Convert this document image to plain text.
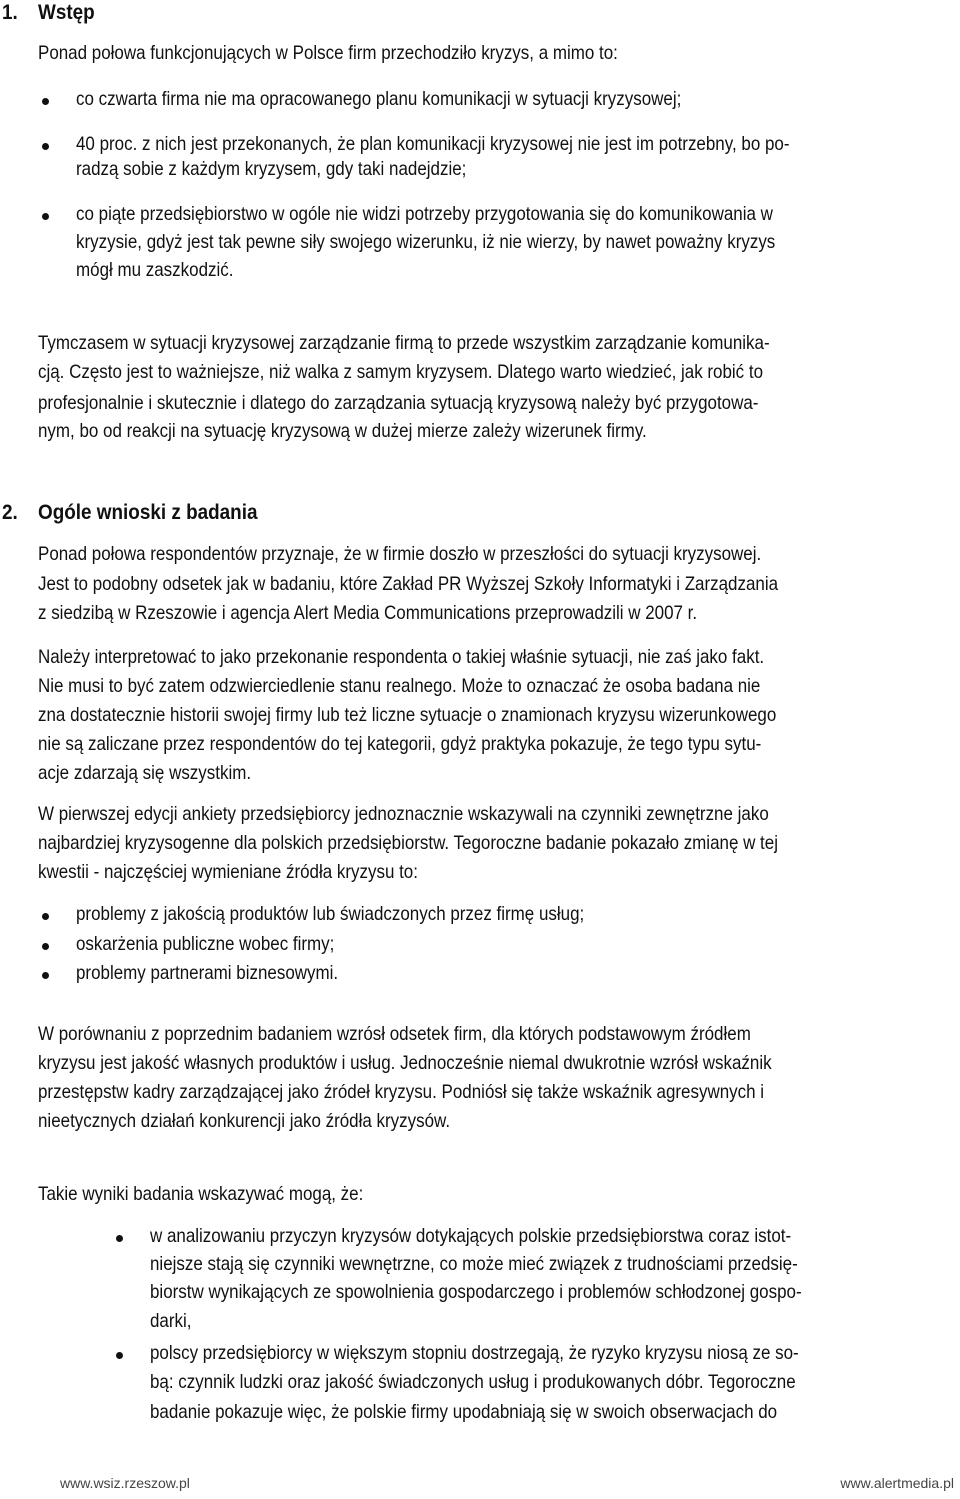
1. Wstęp
Ponad połowa funkcjonujących w Polsce firm przechodziło kryzys, a mimo to:
co czwarta firma nie ma opracowanego planu komunikacji w sytuacji kryzysowej;
40 proc. z nich jest przekonanych, że plan komunikacji kryzysowej nie jest im potrzebny, bo po-
radzą sobie z każdym kryzysem, gdy taki nadejdzie;
co piąte przedsiębiorstwo w ogóle nie widzi potrzeby przygotowania się do komunikowania w
kryzysie, gdyż jest tak pewne siły swojego wizerunku, iż nie wierzy, by nawet poważny kryzys
mógł mu zaszkodzić.
Tymczasem w sytuacji kryzysowej zarządzanie firmą to przede wszystkim zarządzanie komunika-
cją. Często jest to ważniejsze, niż walka z samym kryzysem. Dlatego warto wiedzieć, jak robić to
profesjonalnie i skutecznie i dlatego do zarządzania sytuacją kryzysową należy być przygotowa-
nym, bo od reakcji na sytuację kryzysową w dużej mierze zależy wizerunek firmy.
2. Ogóle wnioski z badania
Ponad połowa respondentów przyznaje, że w firmie doszło w przeszłości do sytuacji kryzysowej.
Jest to podobny odsetek jak w badaniu, które Zakład PR Wyższej Szkoły Informatyki i Zarządzania
z siedzibą w Rzeszowie i agencja Alert Media Communications przeprowadzili w 2007 r.
Należy interpretować to jako przekonanie respondenta o takiej właśnie sytuacji, nie zaś jako fakt.
Nie musi to być zatem odzwierciedlenie stanu realnego. Może to oznaczać że osoba badana nie
zna dostatecznie historii swojej firmy lub też liczne sytuacje o znamionach kryzysu wizerunkowego
nie są zaliczane przez respondentów do tej kategorii, gdyż praktyka pokazuje, że tego typu sytu-
acje zdarzają się wszystkim.
W pierwszej edycji ankiety przedsiębiorcy jednoznacznie wskazywali na czynniki zewnętrzne jako
najbardziej kryzysogenne dla polskich przedsiębiorstw. Tegoroczne badanie pokazało zmianę w tej
kwestii - najczęściej wymieniane źródła kryzysu to:
problemy z jakością produktów lub świadczonych przez firmę usług;
oskarżenia publiczne wobec firmy;
problemy partnerami biznesowymi.
W porównaniu z poprzednim badaniem wzrósł odsetek firm, dla których podstawowym źródłem
kryzysu jest jakość własnych produktów i usług. Jednocześnie niemal dwukrotnie wzrósł wskaźnik
przestępstw kadry zarządzającej jako źródeł kryzysu. Podniósł się także wskaźnik agresywnych i
nieetycznych działań konkurencji jako źródła kryzysów.
Takie wyniki badania wskazywać mogą, że:
w analizowaniu przyczyn kryzysów dotykających polskie przedsiębiorstwa coraz istot-
niejsze stają się czynniki wewnętrzne, co może mieć związek z trudnościami przedsię-
biorstw wynikających ze spowolnienia gospodarczego i problemów schłodzonej gospo-
darki,
polscy przedsiębiorcy w większym stopniu dostrzegają, że ryzyko kryzysu niosą ze so-
bą: czynnik ludzki oraz jakość świadczonych usług i produkowanych dóbr. Tegoroczne
badanie pokazuje więc, że polskie firmy upodabniają się w swoich obserwacjach do
www.wsiz.rzeszow.pl	www.alertmedia.pl
